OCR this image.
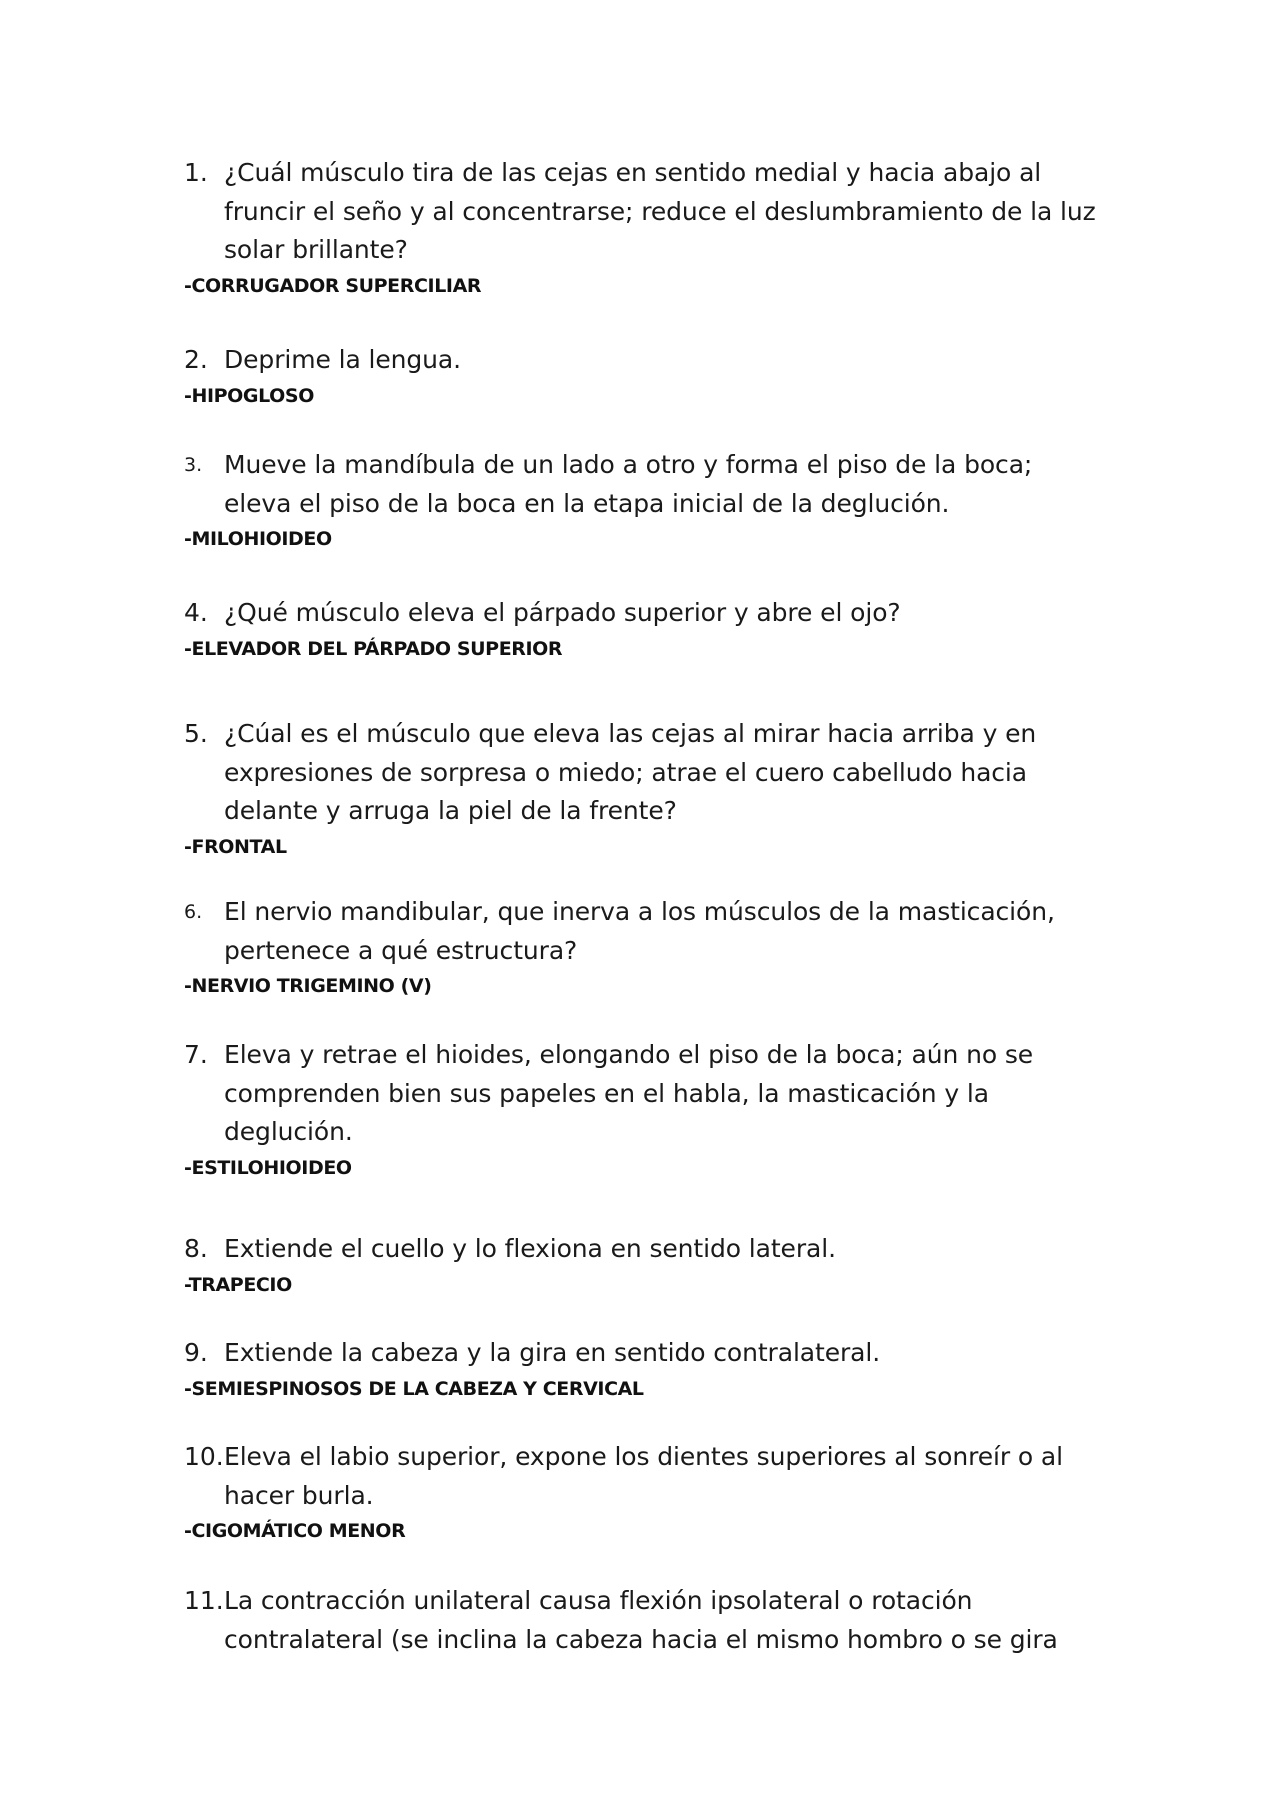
1. ¿Cuál músculo tira de las cejas en sentido medial y hacia abajo al fruncir el seño y al concentrarse; reduce el deslumbramiento de la luz solar brillante?
-CORRUGADOR SUPERCILIAR
2. Deprime la lengua.
-HIPOGLOSO
3. Mueve la mandíbula de un lado a otro y forma el piso de la boca; eleva el piso de la boca en la etapa inicial de la deglución.
-MILOHIOIDEO
4. ¿Qué músculo eleva el párpado superior y abre el ojo?
-ELEVADOR DEL PÁRPADO SUPERIOR
5. ¿Cúal es el músculo que eleva las cejas al mirar hacia arriba y en expresiones de sorpresa o miedo; atrae el cuero cabelludo hacia delante y arruga la piel de la frente?
-FRONTAL
6. El nervio mandibular, que inerva a los músculos de la masticación, pertenece a qué estructura?
-NERVIO TRIGEMINO (V)
7. Eleva y retrae el hioides, elongando el piso de la boca; aún no se comprenden bien sus papeles en el habla, la masticación y la deglución.
-ESTILOHIOIDEO
8. Extiende el cuello y lo flexiona en sentido lateral.
-TRAPECIO
9. Extiende la cabeza y la gira en sentido contralateral.
-SEMIESPINOSOS DE LA CABEZA Y CERVICAL
10. Eleva el labio superior, expone los dientes superiores al sonreír o al hacer burla.
-CIGOMÁTICO MENOR
11. La contracción unilateral causa flexión ipsolateral o rotación contralateral (se inclina la cabeza hacia el mismo hombro o se gira
